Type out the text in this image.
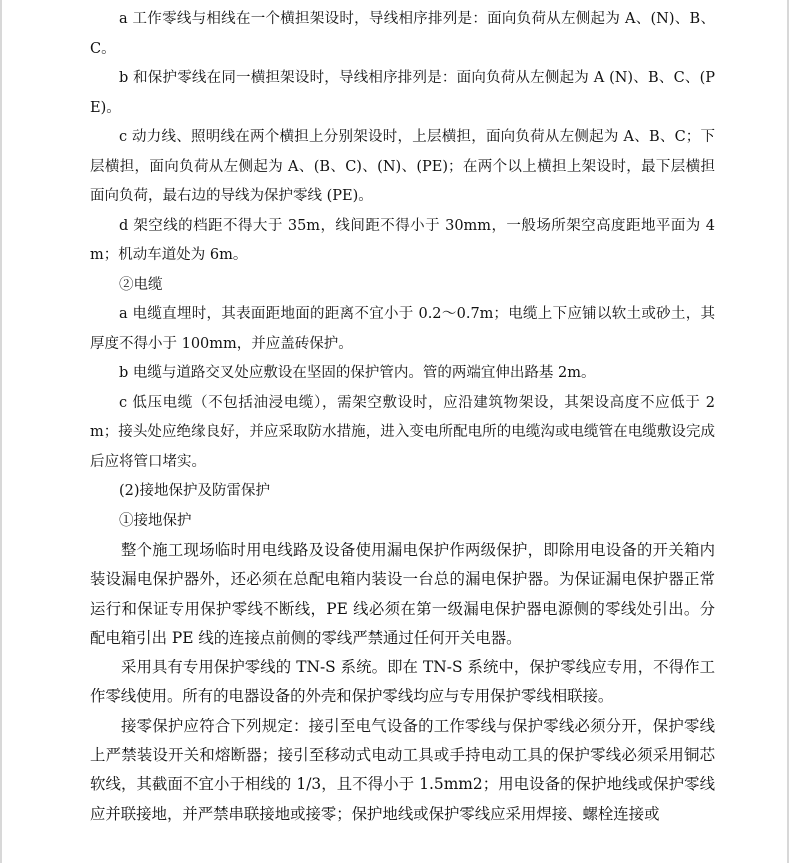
a 工作零线与相线在一个横担架设时，导线相序排列是：面向负荷从左侧起为 A、(N)、B、C。

b 和保护零线在同一横担架设时，导线相序排列是：面向负荷从左侧起为 A (N)、B、C、(PE)。

c 动力线、照明线在两个横担上分别架设时，上层横担，面向负荷从左侧起为 A、B、C；下层横担，面向负荷从左侧起为 A、(B、C)、(N)、(PE)；在两个以上横担上架设时，最下层横担面向负荷，最右边的导线为保护零线 (PE)。

d 架空线的档距不得大于 35m，线间距不得小于 30mm，一般场所架空高度距地平面为 4m；机动车道处为 6m。

②电缆

a 电缆直埋时，其表面距地面的距离不宜小于 0.2～0.7m；电缆上下应铺以软土或砂土，其厚度不得小于 100mm，并应盖砖保护。

b 电缆与道路交叉处应敷设在坚固的保护管内。管的两端宜伸出路基 2m。

c 低压电缆（不包括油浸电缆），需架空敷设时，应沿建筑物架设，其架设高度不应低于 2m；接头处应绝缘良好，并应采取防水措施，进入变电所配电所的电缆沟或电缆管在电缆敷设完成后应将管口堵实。

(2)接地保护及防雷保护

①接地保护

整个施工现场临时用电线路及设备使用漏电保护作两级保护，即除用电设备的开关箱内装设漏电保护器外，还必须在总配电箱内装设一台总的漏电保护器。为保证漏电保护器正常运行和保证专用保护零线不断线，PE 线必须在第一级漏电保护器电源侧的零线处引出。分配电箱引出 PE 线的连接点前侧的零线严禁通过任何开关电器。

采用具有专用保护零线的 TN-S 系统。即在 TN-S 系统中，保护零线应专用，不得作工作零线使用。所有的电器设备的外壳和保护零线均应与专用保护零线相联接。

接零保护应符合下列规定：接引至电气设备的工作零线与保护零线必须分开，保护零线上严禁装设开关和熔断器；接引至移动式电动工具或手持电动工具的保护零线必须采用铜芯软线，其截面不宜小于相线的 1/3，且不得小于 1.5mm2；用电设备的保护地线或保护零线应并联接地，并严禁串联接地或接零；保护地线或保护零线应采用焊接、螺栓连接或
